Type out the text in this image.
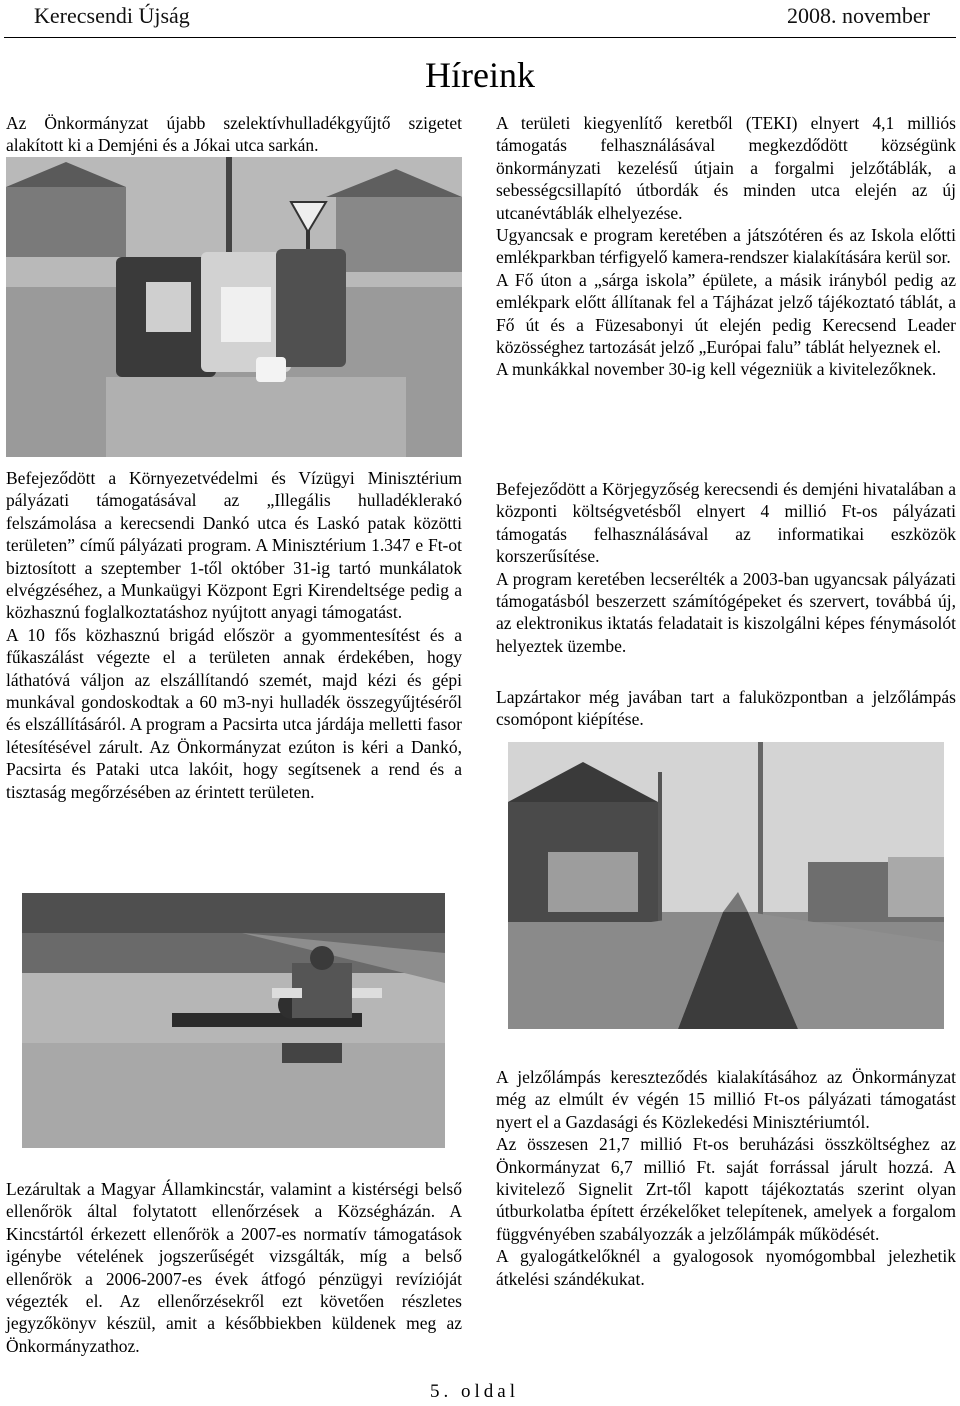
Kerecsendi Újság	2008. november
Híreink

Az Önkormányzat újabb szelektívhulladékgyűjtő szigetet alakított ki a Demjéni és a Jókai utca sarkán.

Befejeződött a Környezetvédelmi és Vízügyi Minisztérium pályázati támogatásával az „Illegális hulladéklerakó felszámolása a kerecsendi Dankó utca és Laskó patak közötti területen” című pályázati program. A Minisztérium 1.347 e Ft-ot biztosított a szeptember 1-től október 31-ig tartó munkálatok elvégzéséhez, a Munkaügyi Központ Egri Kirendeltsége pedig a közhasznú foglalkoztatáshoz nyújtott anyagi támogatást.

A 10 fős közhasznú brigád először a gyommentesítést és a fűkaszálást végezte el a területen annak érdekében, hogy láthatóvá váljon az elszállítandó szemét, majd kézi és gépi munkával gondoskodtak a 60 m3-nyi hulladék összegyűjtéséről és elszállításáról. A program a Pacsirta utca járdája melletti fasor létesítésével zárult. Az Önkormányzat ezúton is kéri a Dankó, Pacsirta és Pataki utca lakóit, hogy segítsenek a rend és a tisztaság megőrzésében az érintett területen.

Lezárultak a Magyar Államkincstár, valamint a kistérségi belső ellenőrök által folytatott ellenőrzések a Községházán. A Kincstártól érkezett ellenőrök a 2007-es normatív támogatások igénybe vételének jogszerűségét vizsgálták, míg a belső ellenőrök a 2006-2007-es évek átfogó pénzügyi revízióját végezték el. Az ellenőrzésekről ezt követően részletes jegyzőkönyv készül, amit a későbbiekben küldenek meg az Önkormányzathoz.

A területi kiegyenlítő keretből (TEKI) elnyert 4,1 milliós támogatás felhasználásával megkezdődött községünk önkormányzati kezelésű útjain a forgalmi jelzőtáblák, a sebességcsillapító útbordák és minden utca elején az új utcanévtáblák elhelyezése.

Ugyancsak e program keretében a játszótéren és az Iskola előtti emlékparkban térfigyelő kamera-rendszer kialakítására kerül sor.

A Fő úton a „sárga iskola” épülete, a másik irányból pedig az emlékpark előtt állítanak fel a Tájházat jelző tájékoztató táblát, a Fő út és a Füzesabonyi út elején pedig Kerecsend Leader közösséghez tartozását jelző „Európai falu” táblát helyeznek el.

A munkákkal november 30-ig kell végezniük a kivitelezőknek.

Befejeződött a Körjegyzőség kerecsendi és demjéni hivatalában a központi költségvetésből elnyert 4 millió Ft-os pályázati támogatás felhasználásával az informatikai eszközök korszerűsítése.

A program keretében lecserélték a 2003-ban ugyancsak pályázati támogatásból beszerzett számítógépeket és szervert, továbbá új, az elektronikus iktatás feladatait is kiszolgálni képes fénymásolót helyeztek üzembe.

Lapzártakor még javában tart a faluközpontban a jelzőlámpás csomópont kiépítése.

A jelzőlámpás kereszteződés kialakításához az Önkormányzat még az elmúlt év végén 15 millió Ft-os pályázati támogatást nyert el a Gazdasági és Közlekedési Minisztériumtól.

Az összesen 21,7 millió Ft-os beruházási összköltséghez az Önkormányzat 6,7 millió Ft. saját forrással járult hozzá. A kivitelező Signelit Zrt-től kapott tájékoztatás szerint olyan útburkolatba épített érzékelőket telepítenek, amelyek a forgalom függvényében szabályozzák a jelzőlámpák működését.

A gyalogátkelőknél a gyalogosok nyomógombbal jelezhetik átkelési szándékukat.

5. oldal
